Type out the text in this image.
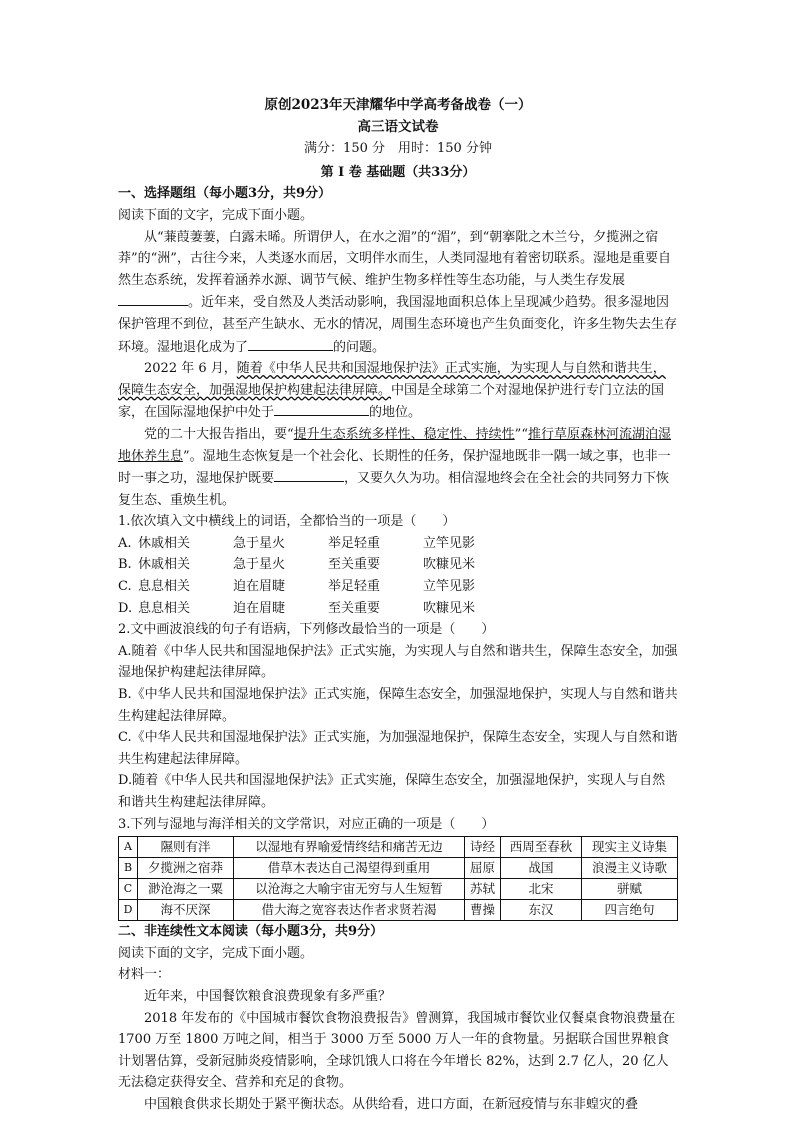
原创2023年天津耀华中学高考备战卷（一）

高三语文试卷

满分：150 分　用时：150 分钟

第 I 卷 基础题（共33分）

一、选择题组（每小题3分，共9分）

阅读下面的文字，完成下面小题。

从“蒹葭萋萋，白露未晞。所谓伊人，在水之湄”的“湄”，到“朝搴阰之木兰兮，夕揽洲之宿莽”的“洲”，古往今来，人类逐水而居，文明伴水而生，人类同湿地有着密切联系。湿地是重要自然生态系统，发挥着涵养水源、调节气候、维护生物多样性等生态功能，与人类生存发展。近年来，受自然及人类活动影响，我国湿地面积总体上呈现减少趋势。很多湿地因保护管理不到位，甚至产生缺水、无水的情况，周围生态环境也产生负面变化，许多生物失去生存环境。湿地退化成为了	的问题。

2022 年 6 月，随着《中华人民共和国湿地保护法》正式实施，为实现人与自然和谐共生，保障生态安全，加强湿地保护构建起法律屏障。中国是全球第二个对湿地保护进行专门立法的国家，在国际湿地保护中处于	的地位。

党的二十大报告指出，要“提升生态系统多样性、稳定性、持续性”“推行草原森林河流湖泊湿地休养生息”。湿地生态恢复是一个社会化、长期性的任务，保护湿地既非一隅一域之事，也非一时一事之功，湿地保护既要	，又要久久为功。相信湿地终会在全社会的共同努力下恢复生态、重焕生机。

1.依次填入文中横线上的词语，全都恰当的一项是（　　）

A. 休戚相关	急于星火	举足轻重	立竿见影
B. 休戚相关	急于星火	至关重要	吹糠见米
C. 息息相关	迫在眉睫	举足轻重	立竿见影
D. 息息相关	迫在眉睫	至关重要	吹糠见米

2.文中画波浪线的句子有语病，下列修改最恰当的一项是（　　）

A.随着《中华人民共和国湿地保护法》正式实施，为实现人与自然和谐共生，保障生态安全，加强湿地保护构建起法律屏障。

B.《中华人民共和国湿地保护法》正式实施，保障生态安全，加强湿地保护，实现人与自然和谐共生构建起法律屏障。

C.《中华人民共和国湿地保护法》正式实施，为加强湿地保护，保障生态安全，实现人与自然和谐共生构建起法律屏障。

D.随着《中华人民共和国湿地保护法》正式实施，保障生态安全，加强湿地保护，实现人与自然和谐共生构建起法律屏障。

3.下列与湿地与海洋相关的文学常识，对应正确的一项是（　　）

A	隰则有泮	以湿地有界喻爱情终结和痛苦无边	诗经	西周至春秋	现实主义诗集
B	夕揽洲之宿莽	借草木表达自己渴望得到重用	屈原	战国	浪漫主义诗歌
C	渺沧海之一粟	以沧海之大喻宇宙无穷与人生短暂	苏轼	北宋	骈赋
D	海不厌深	借大海之宽容表达作者求贤若渴	曹操	东汉	四言绝句

二、非连续性文本阅读（每小题3分，共9分）

阅读下面的文字，完成下面小题。

材料一：

近年来，中国餐饮粮食浪费现象有多严重？

2018 年发布的《中国城市餐饮食物浪费报告》曾测算，我国城市餐饮业仅餐桌食物浪费量在 1700 万至 1800 万吨之间，相当于 3000 万至 5000 万人一年的食物量。另据联合国世界粮食计划署估算，受新冠肺炎疫情影响，全球饥饿人口将在今年增长 82%，达到 2.7 亿人，20 亿人无法稳定获得安全、营养和充足的食物。

中国粮食供求长期处于紧平衡状态。从供给看，进口方面，在新冠疫情与东非蝗灾的叠
